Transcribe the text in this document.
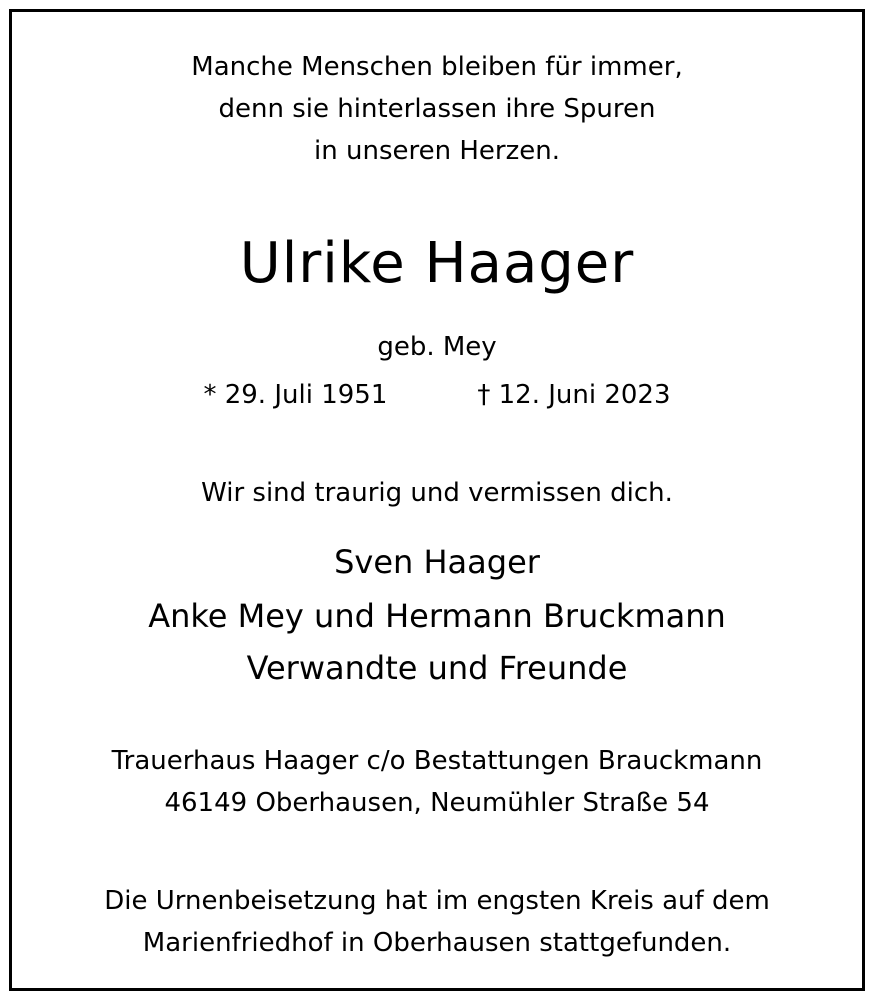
Manche Menschen bleiben für immer,
denn sie hinterlassen ihre Spuren
in unseren Herzen.
Ulrike Haager
geb. Mey
* 29. Juli 1951	† 12. Juni 2023
Wir sind traurig und vermissen dich.
Sven Haager
Anke Mey und Hermann Bruckmann
Verwandte und Freunde
Trauerhaus Haager c/o Bestattungen Brauckmann
46149 Oberhausen, Neumühler Straße 54
Die Urnenbeisetzung hat im engsten Kreis auf dem
Marienfriedhof in Oberhausen stattgefunden.
